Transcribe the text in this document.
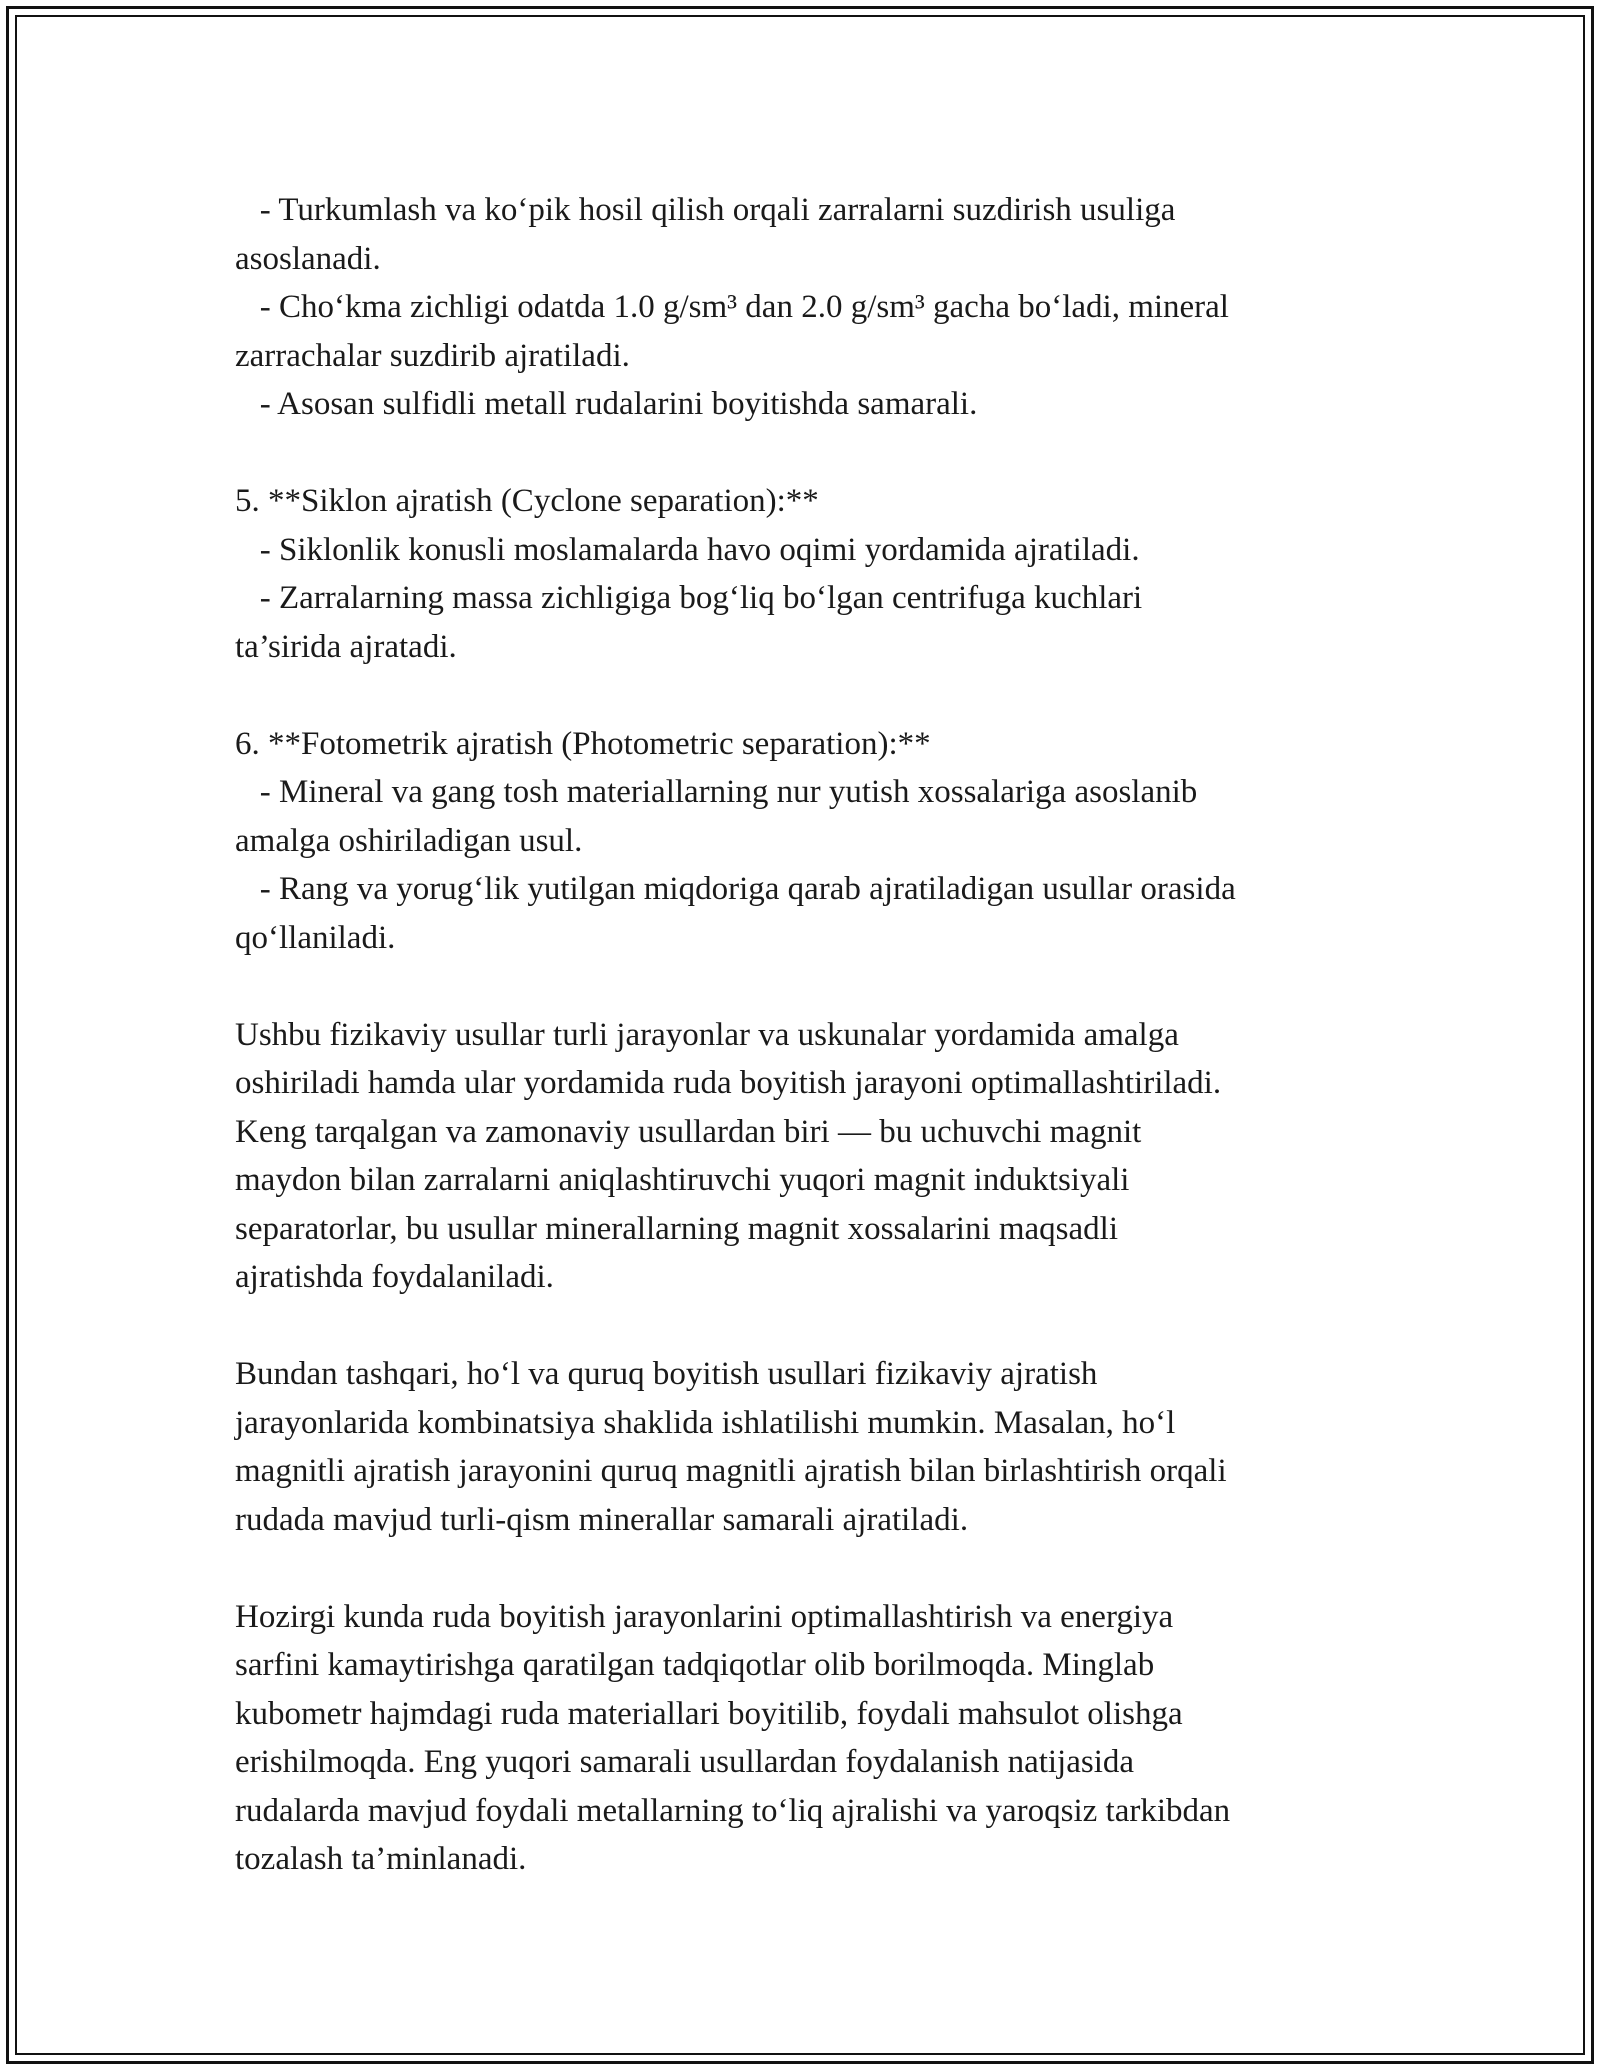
- Turkumlash va ko‘pik hosil qilish orqali zarralarni suzdirish usuliga
asoslanadi.
- Cho‘kma zichligi odatda 1.0 g/sm³ dan 2.0 g/sm³ gacha bo‘ladi, mineral
zarrachalar suzdirib ajratiladi.
- Asosan sulfidli metall rudalarini boyitishda samarali.
5. **Siklon ajratish (Cyclone separation):**
- Siklonlik konusli moslamalarda havo oqimi yordamida ajratiladi.
- Zarralarning massa zichligiga bog‘liq bo‘lgan centrifuga kuchlari
ta’sirida ajratadi.
6. **Fotometrik ajratish (Photometric separation):**
- Mineral va gang tosh materiallarning nur yutish xossalariga asoslanib
amalga oshiriladigan usul.
- Rang va yorug‘lik yutilgan miqdoriga qarab ajratiladigan usullar orasida
qo‘llaniladi.
Ushbu fizikaviy usullar turli jarayonlar va uskunalar yordamida amalga
oshiriladi hamda ular yordamida ruda boyitish jarayoni optimallashtiriladi.
Keng tarqalgan va zamonaviy usullardan biri — bu uchuvchi magnit
maydon bilan zarralarni aniqlashtiruvchi yuqori magnit induktsiyali
separatorlar, bu usullar minerallarning magnit xossalarini maqsadli
ajratishda foydalaniladi.
Bundan tashqari, ho‘l va quruq boyitish usullari fizikaviy ajratish
jarayonlarida kombinatsiya shaklida ishlatilishi mumkin. Masalan, ho‘l
magnitli ajratish jarayonini quruq magnitli ajratish bilan birlashtirish orqali
rudada mavjud turli-qism minerallar samarali ajratiladi.
Hozirgi kunda ruda boyitish jarayonlarini optimallashtirish va energiya
sarfini kamaytirishga qaratilgan tadqiqotlar olib borilmoqda. Minglab
kubometr hajmdagi ruda materiallari boyitilib, foydali mahsulot olishga
erishilmoqda. Eng yuqori samarali usullardan foydalanish natijasida
rudalarda mavjud foydali metallarning to‘liq ajralishi va yaroqsiz tarkibdan
tozalash ta’minlanadi.
